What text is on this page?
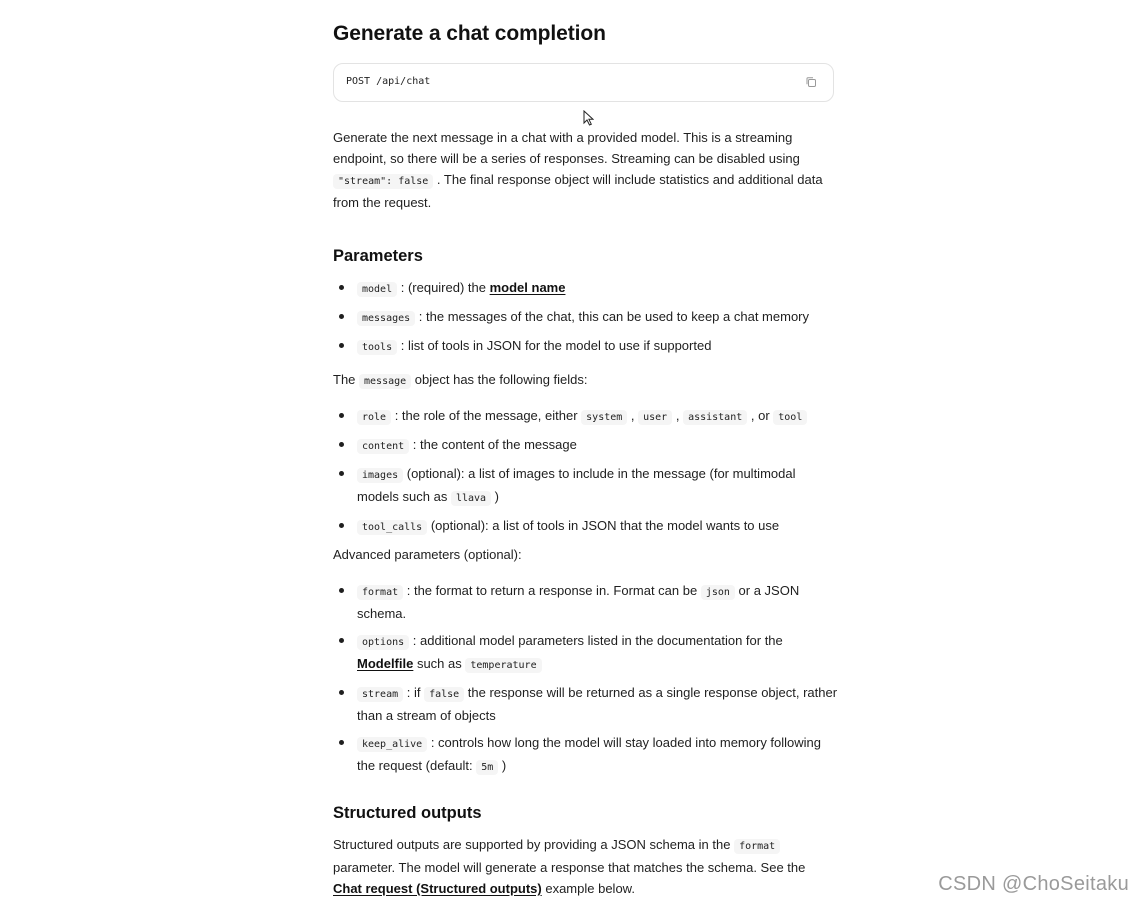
Generate a chat completion
POST /api/chat

Generate the next message in a chat with a provided model. This is a streaming endpoint, so there will be a series of responses. Streaming can be disabled using "stream": false . The final response object will include statistics and additional data from the request.

Parameters
model : (required) the model name
messages : the messages of the chat, this can be used to keep a chat memory
tools : list of tools in JSON for the model to use if supported

The message object has the following fields:

role : the role of the message, either system , user , assistant , or tool
content : the content of the message
images (optional): a list of images to include in the message (for multimodal models such as llava )
tool_calls (optional): a list of tools in JSON that the model wants to use

Advanced parameters (optional):

format : the format to return a response in. Format can be json or a JSON schema.
options : additional model parameters listed in the documentation for the Modelfile such as temperature
stream : if false the response will be returned as a single response object, rather than a stream of objects
keep_alive : controls how long the model will stay loaded into memory following the request (default: 5m )
Structured outputs

Structured outputs are supported by providing a JSON schema in the format parameter. The model will generate a response that matches the schema. See the Chat request (Structured outputs) example below.	CSDN @ChoSeitaku
